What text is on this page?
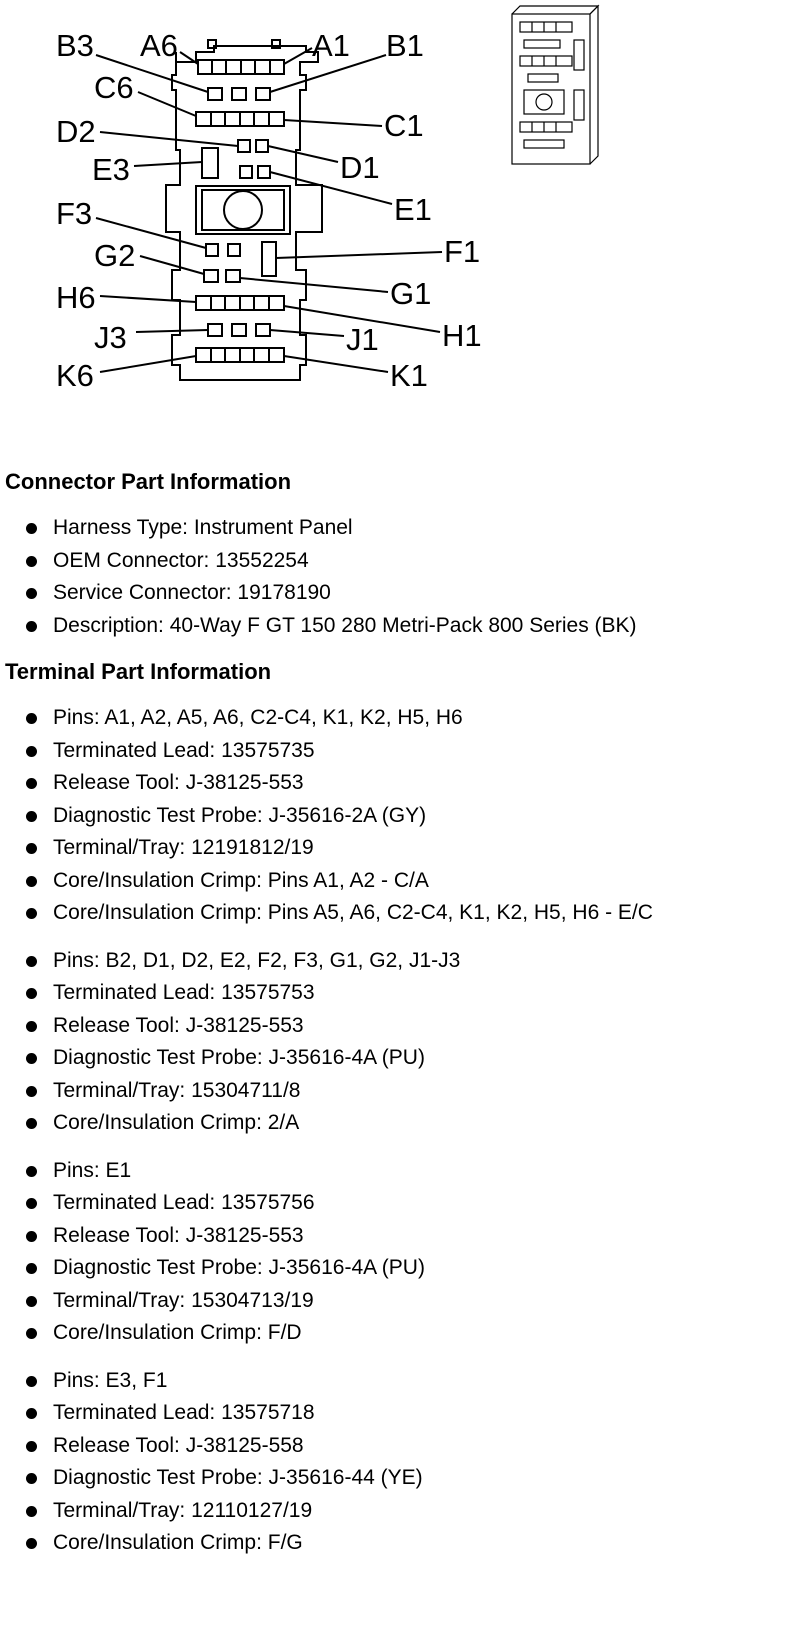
B3 A6	A1 B1
C6
C1
D2
D1
E3
E1
F3
F1
G2
G1
H6
H1
J3	J1
K6	K1
Connector Part Information
Harness Type: Instrument Panel
OEM Connector: 13552254
Service Connector: 19178190
Description: 40-Way F GT 150 280 Metri-Pack 800 Series (BK)
Terminal Part Information
Pins: A1, A2, A5, A6, C2-C4, K1, K2, H5, H6
Terminated Lead: 13575735
Release Tool: J-38125-553
Diagnostic Test Probe: J-35616-2A (GY)
Terminal/Tray: 12191812/19
Core/Insulation Crimp: Pins A1, A2 - C/A
Core/Insulation Crimp: Pins A5, A6, C2-C4, K1, K2, H5, H6 - E/C
Pins: B2, D1, D2, E2, F2, F3, G1, G2, J1-J3
Terminated Lead: 13575753
Release Tool: J-38125-553
Diagnostic Test Probe: J-35616-4A (PU)
Terminal/Tray: 15304711/8
Core/Insulation Crimp: 2/A
Pins: E1
Terminated Lead: 13575756
Release Tool: J-38125-553
Diagnostic Test Probe: J-35616-4A (PU)
Terminal/Tray: 15304713/19
Core/Insulation Crimp: F/D
Pins: E3, F1
Terminated Lead: 13575718
Release Tool: J-38125-558
Diagnostic Test Probe: J-35616-44 (YE)
Terminal/Tray: 12110127/19
Core/Insulation Crimp: F/G
